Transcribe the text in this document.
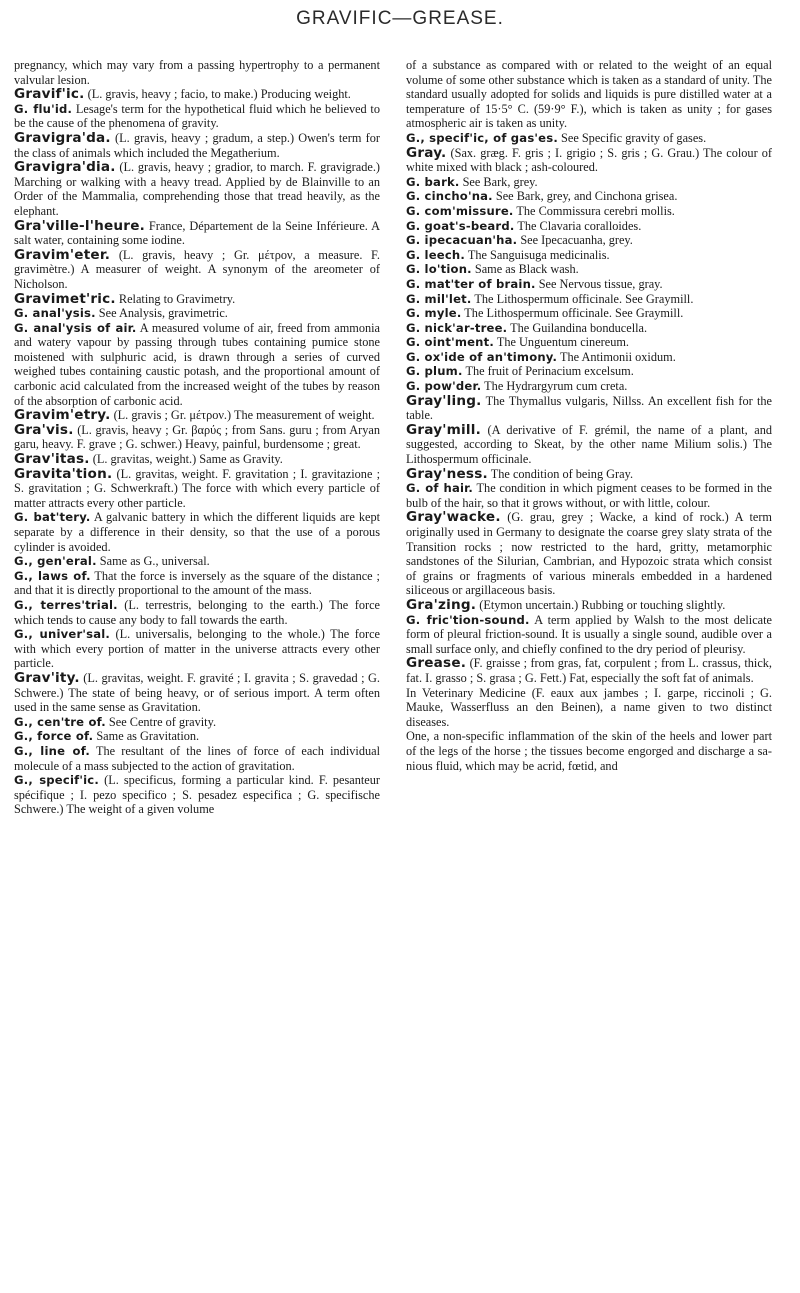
GRAVIFIC—GREASE.

pregnancy, which may vary from a passing hypertrophy to a permanent valvular lesion.

Gravif'ic. (L. gravis, heavy ; facio, to make.) Producing weight.

G. flu'id. Lesage's term for the hypothetical fluid which he believed to be the cause of the phenomena of gravity.

Gravigra'da. (L. gravis, heavy ; gradum, a step.) Owen's term for the class of animals which included the Megatherium.

Gravigra'dia. (L. gravis, heavy ; gradior, to march. F. gravigrade.) Marching or walking with a heavy tread. Applied by de Blainville to an Order of the Mammalia, comprehending those that tread heavily, as the elephant.

Gra'ville-l'heure. France, Département de la Seine Inférieure. A salt water, containing some iodine.

Gravim'eter. (L. gravis, heavy ; Gr. μέτρον, a measure. F. gravimètre.) A measurer of weight. A synonym of the areometer of Nicholson.

Gravimet'ric. Relating to Gravimetry.

G. anal'ysis. See Analysis, gravimetric.

G. anal'ysis of air. A measured volume of air, freed from ammonia and watery vapour by passing through tubes containing pumice stone moistened with sulphuric acid, is drawn through a series of curved weighed tubes containing caustic potash, and the proportional amount of carbonic acid calculated from the increased weight of the tubes by reason of the absorption of carbonic acid.

Gravim'etry. (L. gravis ; Gr. μέτρον.) The measurement of weight.

Gra'vis. (L. gravis, heavy ; Gr. βαρύς ; from Sans. guru ; from Aryan garu, heavy. F. grave ; G. schwer.) Heavy, painful, burdensome ; great.

Grav'itas. (L. gravitas, weight.) Same as Gravity.

Gravita'tion. (L. gravitas, weight. F. gravitation ; I. gravitazione ; S. gravitation ; G. Schwerkraft.) The force with which every particle of matter attracts every other particle.

G. bat'tery. A galvanic battery in which the different liquids are kept separate by a difference in their density, so that the use of a porous cylinder is avoided.

G., gen'eral. Same as G., universal.

G., laws of. That the force is inversely as the square of the distance ; and that it is directly proportional to the amount of the mass.

G., terres'trial. (L. terrestris, belonging to the earth.) The force which tends to cause any body to fall towards the earth.

G., univer'sal. (L. universalis, belonging to the whole.) The force with which every portion of matter in the universe attracts every other particle.

Grav'ity. (L. gravitas, weight. F. gravité ; I. gravita ; S. gravedad ; G. Schwere.) The state of being heavy, or of serious import. A term often used in the same sense as Gravitation.

G., cen'tre of. See Centre of gravity.

G., force of. Same as Gravitation.

G., line of. The resultant of the lines of force of each individual molecule of a mass subjected to the action of gravitation.

G., specif'ic. (L. specificus, forming a particular kind. F. pesanteur spécifique ; I. pezo specifico ; S. pesadez especifica ; G. specifische Schwere.) The weight of a given volume

of a substance as compared with or related to the weight of an equal volume of some other substance which is taken as a standard of unity. The standard usually adopted for solids and liquids is pure distilled water at a temperature of 15·5° C. (59·9° F.), which is taken as unity ; for gases atmospheric air is taken as unity.

G., specif'ic, of gas'es. See Specific gravity of gases.

Gray. (Sax. græg. F. gris ; I. grigio ; S. gris ; G. Grau.) The colour of white mixed with black ; ash-coloured.

G. bark. See Bark, grey.

G. cincho'na. See Bark, grey, and Cinchona grisea.

G. com'missure. The Commissura cerebri mollis.

G. goat's-beard. The Clavaria coralloides.

G. ipecacuan'ha. See Ipecacuanha, grey.

G. leech. The Sanguisuga medicinalis.

G. lo'tion. Same as Black wash.

G. mat'ter of brain. See Nervous tissue, gray.

G. mil'let. The Lithospermum officinale. See Graymill.

G. myle. The Lithospermum officinale. See Graymill.

G. nick'ar-tree. The Guilandina bonducella.

G. oint'ment. The Unguentum cinereum.

G. ox'ide of an'timony. The Antimonii oxidum.

G. plum. The fruit of Perinacium excelsum.

G. pow'der. The Hydrargyrum cum creta.

Gray'ling. The Thymallus vulgaris, Nillss. An excellent fish for the table.

Gray'mill. (A derivative of F. grémil, the name of a plant, and suggested, according to Skeat, by the other name Milium solis.) The Lithospermum officinale.

Gray'ness. The condition of being Gray.

G. of hair. The condition in which pigment ceases to be formed in the bulb of the hair, so that it grows without, or with little, colour.

Gray'wacke. (G. grau, grey ; Wacke, a kind of rock.) A term originally used in Germany to designate the coarse grey slaty strata of the Transition rocks ; now restricted to the hard, gritty, metamorphic sandstones of the Silurian, Cambrian, and Hypozoic strata which consist of grains or fragments of various minerals embedded in a hardened siliceous or argillaceous basis.

Gra'zing. (Etymon uncertain.) Rubbing or touching slightly.

G. fric'tion-sound. A term applied by Walsh to the most delicate form of pleural friction-sound. It is usually a single sound, audible over a small surface only, and chiefly confined to the dry period of pleurisy.

Grease. (F. graisse ; from gras, fat, corpulent ; from L. crassus, thick, fat. I. grasso ; S. grasa ; G. Fett.) Fat, especially the soft fat of animals.

In Veterinary Medicine (F. eaux aux jambes ; I. garpe, riccinoli ; G. Mauke, Wasserfluss an den Beinen), a name given to two distinct diseases.

One, a non-specific inflammation of the skin of the heels and lower part of the legs of the horse ; the tissues become engorged and discharge a sanious fluid, which may be acrid, fœtid, and
